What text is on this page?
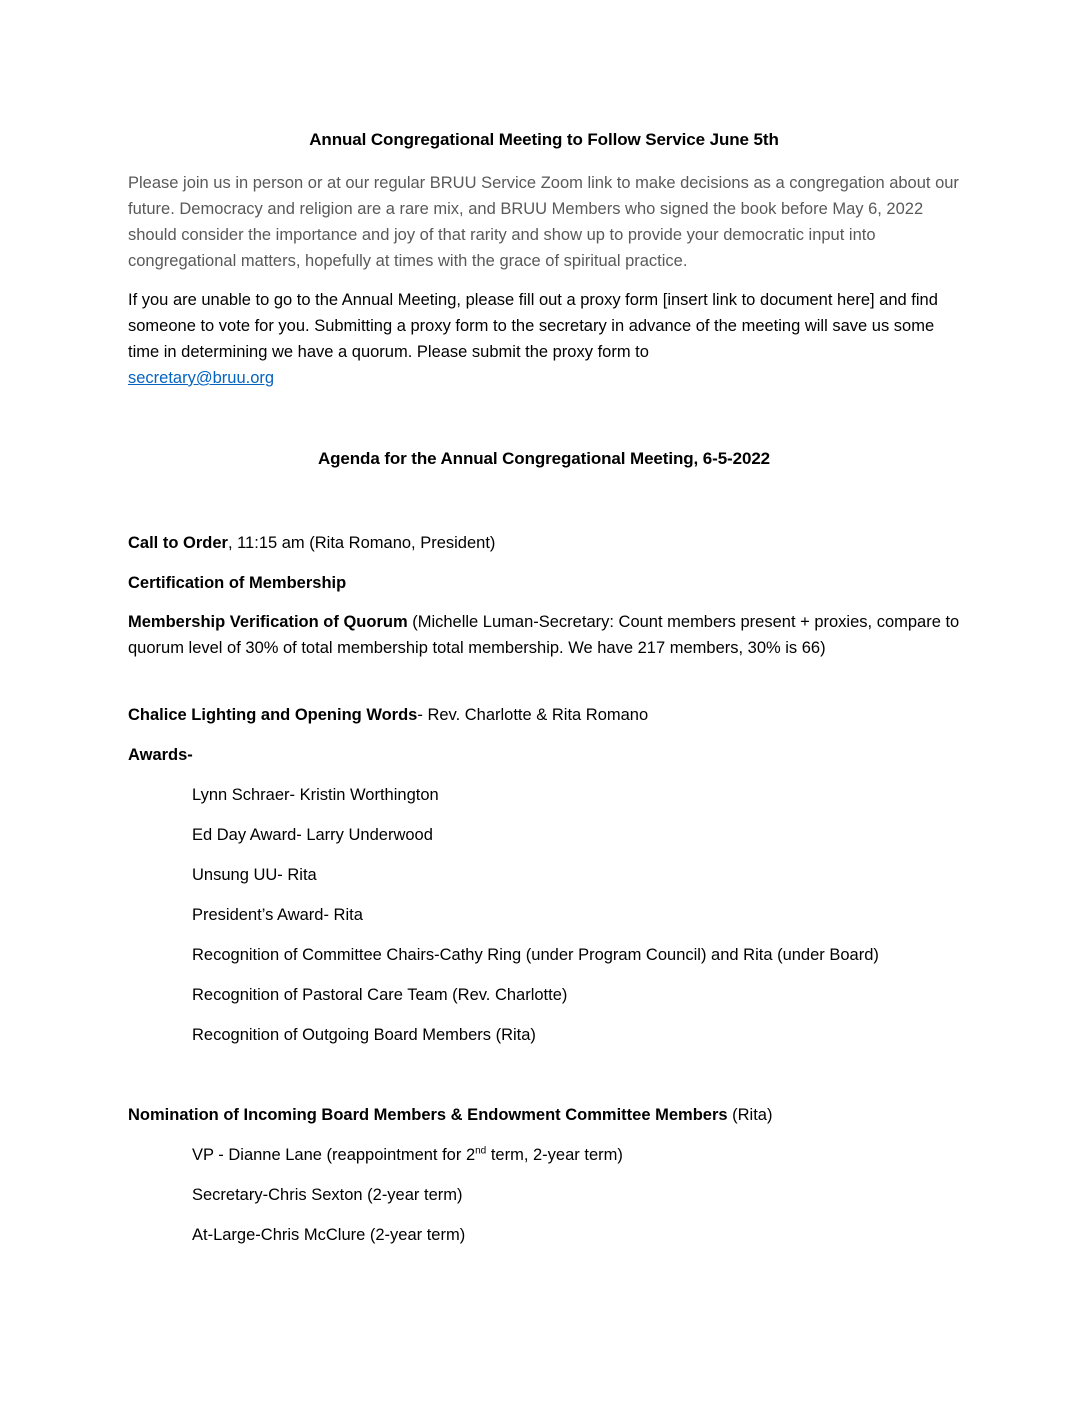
Annual Congregational Meeting to Follow Service June 5th

Please join us in person or at our regular BRUU Service Zoom link to make decisions as a congregation about our future. Democracy and religion are a rare mix, and BRUU Members who signed the book before May 6, 2022 should consider the importance and joy of that rarity and show up to provide your democratic input into congregational matters, hopefully at times with the grace of spiritual practice.

If you are unable to go to the Annual Meeting, please fill out a proxy form [insert link to document here] and find someone to vote for you. Submitting a proxy form to the secretary in advance of the meeting will save us some time in determining we have a quorum. Please submit the proxy form to
secretary@bruu.org

Agenda for the Annual Congregational Meeting, 6-5-2022

Call to Order, 11:15 am (Rita Romano, President)

Certification of Membership

Membership Verification of Quorum (Michelle Luman-Secretary: Count members present + proxies, compare to quorum level of 30% of total membership total membership. We have 217 members, 30% is 66)

Chalice Lighting and Opening Words- Rev. Charlotte & Rita Romano

Awards-

Lynn Schraer- Kristin Worthington

Ed Day Award- Larry Underwood

Unsung UU- Rita

President’s Award- Rita

Recognition of Committee Chairs-Cathy Ring (under Program Council) and Rita (under Board)

Recognition of Pastoral Care Team (Rev. Charlotte)

Recognition of Outgoing Board Members (Rita)

Nomination of Incoming Board Members & Endowment Committee Members (Rita)

VP - Dianne Lane (reappointment for 2nd term, 2-year term)

Secretary-Chris Sexton (2-year term)

At-Large-Chris McClure (2-year term)
